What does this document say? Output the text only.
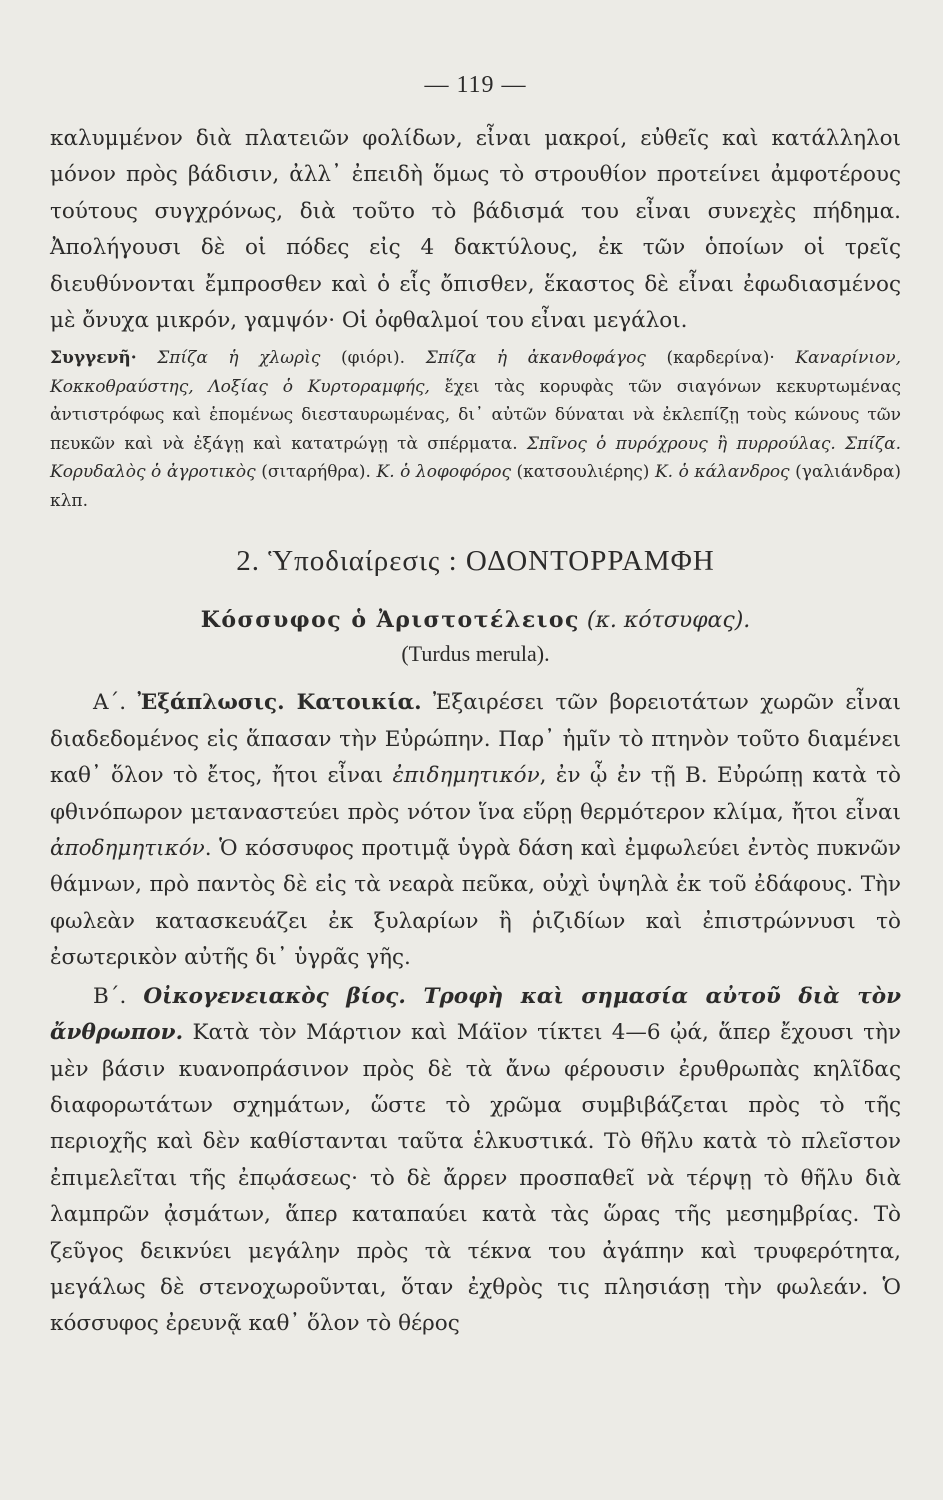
— 119 —

καλυμμένον διὰ πλατειῶν φολίδων, εἶναι μακροί, εὐθεῖς καὶ κατάλληλοι μόνον πρὸς βάδισιν, ἀλλ᾽ ἐπειδὴ ὅμως τὸ στρουθίον προτείνει ἀμφοτέρους τούτους συγχρόνως, διὰ τοῦτο τὸ βάδισμά του εἶναι συνεχὲς πήδημα. Ἀπολήγουσι δὲ οἱ πόδες εἰς 4 δακτύλους, ἐκ τῶν ὁποίων οἱ τρεῖς διευθύνονται ἔμπροσθεν καὶ ὁ εἷς ὄπισθεν, ἕκαστος δὲ εἶναι ἐφωδιασμένος μὲ ὄνυχα μικρόν, γαμψόν· Οἱ ὀφθαλμοί του εἶναι μεγάλοι.

Συγγενῆ· Σπίζα ἡ χλωρὶς (φιόρι). Σπίζα ἡ ἀκανθοφάγος (καρδερίνα)· Καναρίνιον, Κοκκοθραύστης, Λοξίας ὁ Κυρτοραμφής, ἔχει τὰς κορυφὰς τῶν σιαγόνων κεκυρτωμένας ἀντιστρόφως καὶ ἑπομένως διεσταυρωμένας, δι᾽ αὐτῶν δύναται νὰ ἐκλεπίζῃ τοὺς κώνους τῶν πευκῶν καὶ νὰ ἐξάγῃ καὶ κατατρώγῃ τὰ σπέρματα. Σπῖνος ὁ πυρόχρους ἢ πυρρούλας. Σπίζα. Κορυδαλὸς ὁ ἀγροτικὸς (σιταρήθρα). Κ. ὁ λοφοφόρος (κατσουλιέρης) Κ. ὁ κάλανδρος (γαλιάνδρα) κλπ.

2. Ὑποδιαίρεσις : ΟΔΟΝΤΟΡΡΑΜΦΗ
Κόσσυφος ὁ Ἀριστοτέλειος (κ. κότσυφας).
(Turdus merula).

Α΄. Ἐξάπλωσις. Κατοικία. Ἐξαιρέσει τῶν βορειοτάτων χωρῶν εἶναι διαδεδομένος εἰς ἅπασαν τὴν Εὐρώπην. Παρ᾽ ἡμῖν τὸ πτηνὸν τοῦτο διαμένει καθ᾽ ὅλον τὸ ἔτος, ἤτοι εἶναι ἐπιδημητικόν, ἐν ᾧ ἐν τῇ Β. Εὐρώπῃ κατὰ τὸ φθινόπωρον μεταναστεύει πρὸς νότον ἵνα εὕρῃ θερμότερον κλίμα, ἤτοι εἶναι ἀποδημητικόν. Ὁ κόσσυφος προτιμᾷ ὑγρὰ δάση καὶ ἐμφωλεύει ἐντὸς πυκνῶν θάμνων, πρὸ παντὸς δὲ εἰς τὰ νεαρὰ πεῦκα, οὐχὶ ὑψηλὰ ἐκ τοῦ ἐδάφους. Τὴν φωλεὰν κατασκευάζει ἐκ ξυλαρίων ἢ ῥιζιδίων καὶ ἐπιστρώννυσι τὸ ἐσωτερικὸν αὐτῆς δι᾽ ὑγρᾶς γῆς.

Β΄. Οἰκογενειακὸς βίος. Τροφὴ καὶ σημασία αὐτοῦ διὰ τὸν ἄνθρωπον. Κατὰ τὸν Μάρτιον καὶ Μάϊον τίκτει 4—6 ᾠά, ἅπερ ἔχουσι τὴν μὲν βάσιν κυανοπράσινον πρὸς δὲ τὰ ἄνω φέρουσιν ἐρυθρωπὰς κηλῖδας διαφορωτάτων σχημάτων, ὥστε τὸ χρῶμα συμβιβάζεται πρὸς τὸ τῆς περιοχῆς καὶ δὲν καθίστανται ταῦτα ἑλκυστικά. Τὸ θῆλυ κατὰ τὸ πλεῖστον ἐπιμελεῖται τῆς ἐπῳάσεως· τὸ δὲ ἄρρεν προσπαθεῖ νὰ τέρψῃ τὸ θῆλυ διὰ λαμπρῶν ᾀσμάτων, ἅπερ καταπαύει κατὰ τὰς ὥρας τῆς μεσημβρίας. Τὸ ζεῦγος δεικνύει μεγάλην πρὸς τὰ τέκνα του ἀγάπην καὶ τρυφερότητα, μεγάλως δὲ στενοχωροῦνται, ὅταν ἐχθρὸς τις πλησιάσῃ τὴν φωλεάν. Ὁ κόσσυφος ἐρευνᾷ καθ᾽ ὅλον τὸ θέρος
